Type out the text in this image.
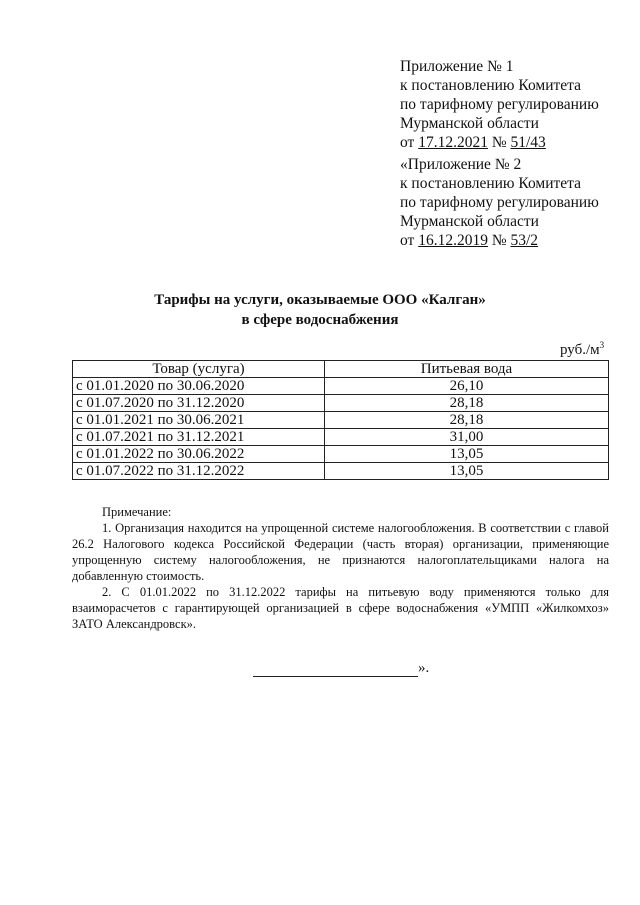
Приложение № 1
к постановлению Комитета
по тарифному регулированию
Мурманской области
от 17.12.2021 № 51/43
«Приложение № 2
к постановлению Комитета
по тарифному регулированию
Мурманской области
от 16.12.2019 № 53/2
Тарифы на услуги, оказываемые ООО «Калган»
в сфере водоснабжения
$руб./м^3$
Товар (услуга)	Питьевая вода
с 01.01.2020 по 30.06.2020	26,10
с 01.07.2020 по 31.12.2020	28,18
с 01.01.2021 по 30.06.2021	28,18
с 01.07.2021 по 31.12.2021	31,00
с 01.01.2022 по 30.06.2022	13,05
с 01.07.2022 по 31.12.2022	13,05
Примечание:

1. Организация находится на упрощенной системе налогообложения. В соответствии с главой 26.2 Налогового кодекса Российской Федерации (часть вторая) организации, применяющие упрощенную систему налогообложения, не признаются налогоплательщиками налога на добавленную стоимость.

2. С 01.01.2022 по 31.12.2022 тарифы на питьевую воду применяются только для взаиморасчетов с гарантирующей организацией в сфере водоснабжения «УМПП «Жилкомхоз» ЗАТО Александровск».

».
